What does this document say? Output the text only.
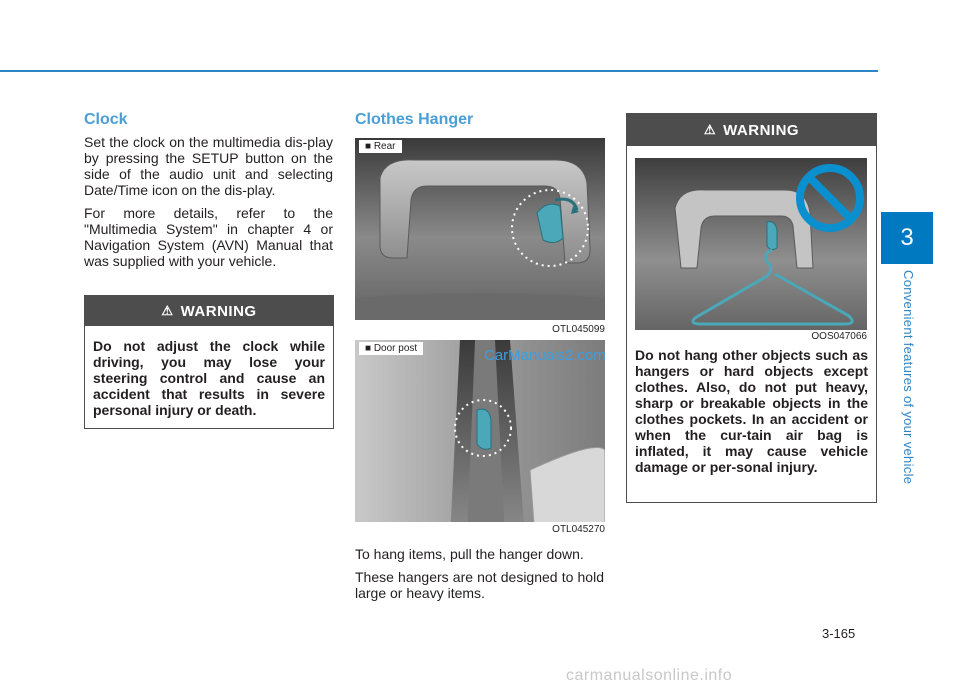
3
Convenient features of your vehicle
Clock

Set the clock on the multimedia dis-play by pressing the SETUP button on the side of the audio unit and selecting Date/Time icon on the dis-play.

For more details, refer to the "Multimedia System" in chapter 4 or Navigation System (AVN) Manual that was supplied with your vehicle.

⚠ WARNING
Do not adjust the clock while driving, you may lose your steering control and cause an accident that results in severe personal injury or death.
Clothes Hanger
■ Rear
OTL045099
■ Door post
OTL045270

To hang items, pull the hanger down.

These hangers are not designed to hold large or heavy items.

⚠ WARNING
OOS047066
Do not hang other objects such as hangers or hard objects except clothes. Also, do not put heavy, sharp or breakable objects in the clothes pockets. In an accident or when the cur-tain air bag is inflated, it may cause vehicle damage or per-sonal injury.
3-165
CarManuals2.com
carmanualsonline.info
